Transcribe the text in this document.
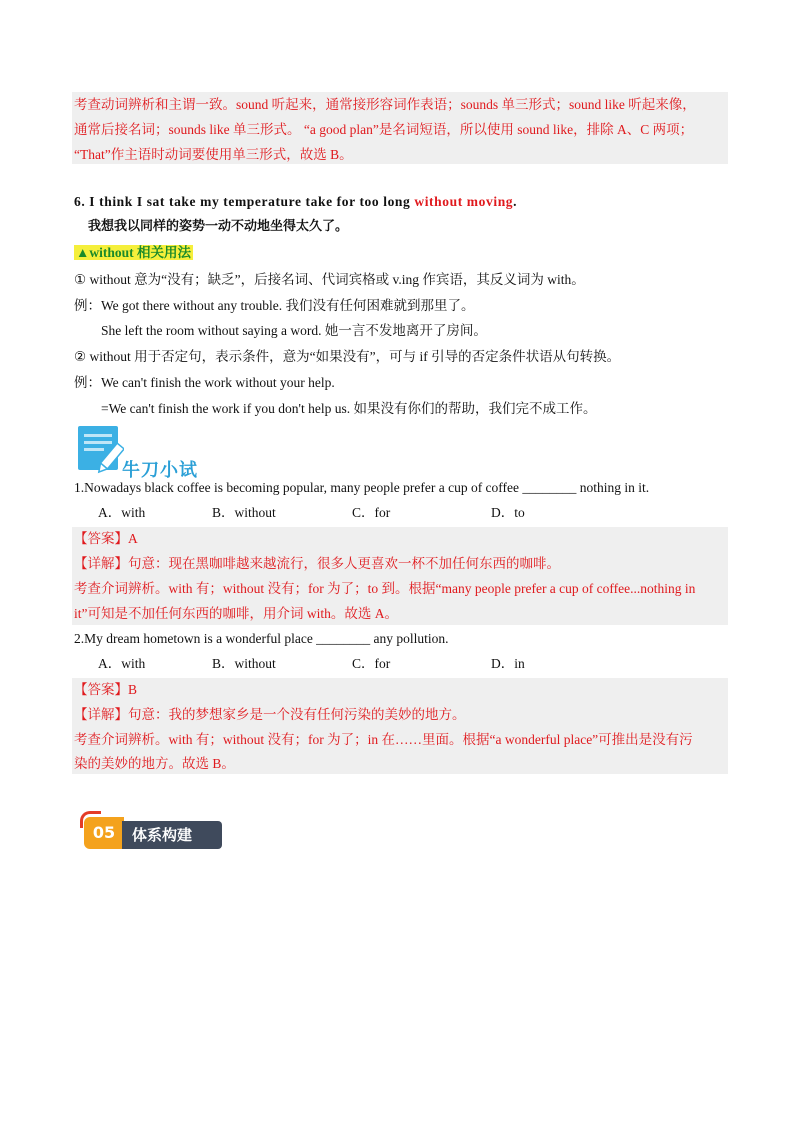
考查动词辨析和主谓一致。sound 听起来，通常接形容词作表语；sounds 单三形式；sound like 听起来像，
通常后接名词；sounds like 单三形式。 “a good plan”是名词短语，所以使用 sound like，排除 A、C 两项；
“That”作主语时动词要使用单三形式，故选 B。
6. I think I sat take my temperature take for too long without moving.
我想我以同样的姿势一动不动地坐得太久了。
▲without 相关用法
① without 意为“没有；缺乏”，后接名词、代词宾格或 v.ing 作宾语，其反义词为 with。
例：We got there without any trouble. 我们没有任何困难就到那里了。
She left the room without saying a word. 她一言不发地离开了房间。
② without 用于否定句，表示条件，意为“如果没有”，可与 if 引导的否定条件状语从句转换。
例：We can't finish the work without your help.
=We can't finish the work if you don't help us. 如果没有你们的帮助，我们完不成工作。
牛刀小试
1.Nowadays black coffee is becoming popular, many people prefer a cup of coffee ________ nothing in it.
A．with	B．without	C．for	D．to
【答案】A
【详解】句意：现在黑咖啡越来越流行，很多人更喜欢一杯不加任何东西的咖啡。
考查介词辨析。with 有；without 没有；for 为了；to 到。根据“many people prefer a cup of coffee...nothing in
it”可知是不加任何东西的咖啡，用介词 with。故选 A。
2.My dream hometown is a wonderful place ________ any pollution.
A．with	B．without	C．for	D．in
【答案】B
【详解】句意：我的梦想家乡是一个没有任何污染的美妙的地方。
考查介词辨析。with 有；without 没有；for 为了；in 在……里面。根据“a wonderful place”可推出是没有污
染的美妙的地方。故选 B。
05	体系构建
